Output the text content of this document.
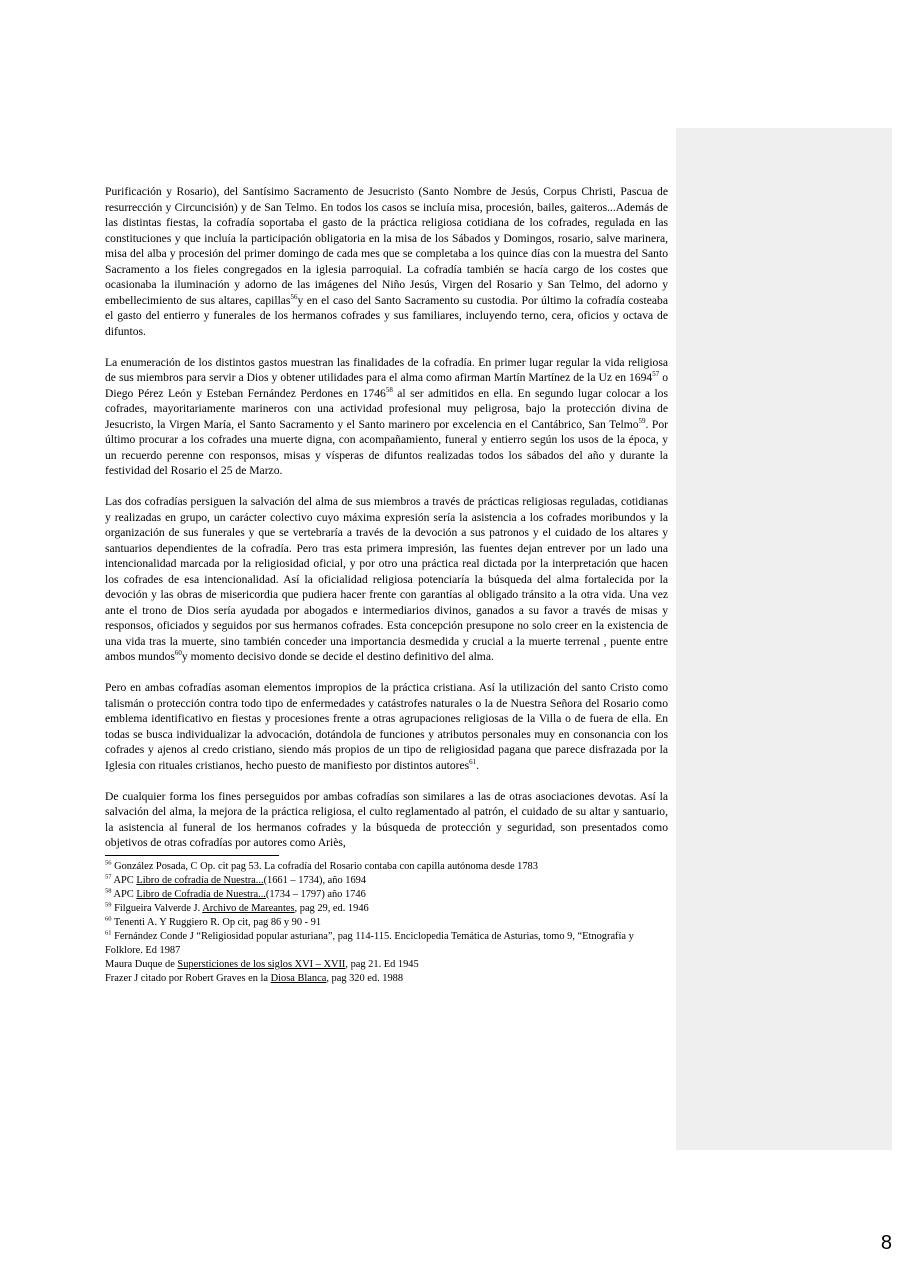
Purificación y Rosario), del Santísimo Sacramento de Jesucristo (Santo Nombre de Jesús, Corpus Christi, Pascua de resurrección y Circuncisión) y de San Telmo. En todos los casos se incluía misa, procesión, bailes, gaiteros...Además de las distintas fiestas, la cofradía soportaba el gasto de la práctica religiosa cotidiana de los cofrades, regulada en las constituciones y que incluía la participación obligatoria en la misa de los Sábados y Domingos, rosario, salve marinera, misa del alba y procesión del primer domingo de cada mes que se completaba a los quince días con la muestra del Santo Sacramento a los fieles congregados en la iglesia parroquial. La cofradía también se hacía cargo de los costes que ocasionaba la iluminación y adorno de las imágenes del Niño Jesús, Virgen del Rosario y San Telmo, del adorno y embellecimiento de sus altares, capillas$^{56}$y en el caso del Santo Sacramento su custodia. Por último la cofradía costeaba el gasto del entierro y funerales de los hermanos cofrades y sus familiares, incluyendo terno, cera, oficios y octava de difuntos.

La enumeración de los distintos gastos muestran las finalidades de la cofradía. En primer lugar regular la vida religiosa de sus miembros para servir a Dios y obtener utilidades para el alma como afirman Martín Martínez de la Uz en 1694$^{57}$ o Diego Pérez León y Esteban Fernández Perdones en 1746$^{58}$ al ser admitidos en ella. En segundo lugar colocar a los cofrades, mayoritariamente marineros con una actividad profesional muy peligrosa, bajo la protección divina de Jesucristo, la Virgen María, el Santo Sacramento y el Santo marinero por excelencia en el Cantábrico, San Telmo$^{59}$. Por último procurar a los cofrades una muerte digna, con acompañamiento, funeral y entierro según los usos de la época, y un recuerdo perenne con responsos, misas y vísperas de difuntos realizadas todos los sábados del año y durante la festividad del Rosario el 25 de Marzo.

Las dos cofradías persiguen la salvación del alma de sus miembros a través de prácticas religiosas reguladas, cotidianas y realizadas en grupo, un carácter colectivo cuyo máxima expresión sería la asistencia a los cofrades moribundos y la organización de sus funerales y que se vertebraría a través de la devoción a sus patronos y el cuidado de los altares y santuarios dependientes de la cofradía. Pero tras esta primera impresión, las fuentes dejan entrever por un lado una intencionalidad marcada por la religiosidad oficial, y por otro una práctica real dictada por la interpretación que hacen los cofrades de esa intencionalidad. Así la oficialidad religiosa potenciaría la búsqueda del alma fortalecida por la devoción y las obras de misericordia que pudiera hacer frente con garantías al obligado tránsito a la otra vida. Una vez ante el trono de Dios sería ayudada por abogados e intermediarios divinos, ganados a su favor a través de misas y responsos, oficiados y seguidos por sus hermanos cofrades. Esta concepción presupone no solo creer en la existencia de una vida tras la muerte, sino también conceder una importancia desmedida y crucial a la muerte terrenal , puente entre ambos mundos$^{60}$y momento decisivo donde se decide el destino definitivo del alma.

Pero en ambas cofradías asoman elementos impropios de la práctica cristiana. Así la utilización del santo Cristo como talismán o protección contra todo tipo de enfermedades y catástrofes naturales o la de Nuestra Señora del Rosario como emblema identificativo en fiestas y procesiones frente a otras agrupaciones religiosas de la Villa o de fuera de ella. En todas se busca individualizar la advocación, dotándola de funciones y atributos personales muy en consonancia con los cofrades y ajenos al credo cristiano, siendo más propios de un tipo de religiosidad pagana que parece disfrazada por la Iglesia con rituales cristianos, hecho puesto de manifiesto por distintos autores$^{61}$.

De cualquier forma los fines perseguidos por ambas cofradías son similares a las de otras asociaciones devotas. Así la salvación del alma, la mejora de la práctica religiosa, el culto reglamentado al patrón, el cuidado de su altar y santuario, la asistencia al funeral de los hermanos cofrades y la búsqueda de protección y seguridad, son presentados como objetivos de otras cofradías por autores como Ariès,

$^{56}$ González Posada, C Op. cit pag 53. La cofradía del Rosario contaba con capilla autónoma desde 1783
$^{57}$ APC Libro de cofradía de Nuestra...(1661 – 1734), año 1694
$^{58}$ APC Libro de Cofradía de Nuestra...(1734 – 1797) año 1746
$^{59}$ Filgueira Valverde J. Archivo de Mareantes, pag 29, ed. 1946
$^{60}$ Tenenti A. Y Ruggiero R. Op cit, pag 86 y 90 - 91
$^{61}$ Fernández Conde J “Religiosidad popular asturiana”, pag 114-115. Enciclopedia Temática de Asturias, tomo 9, “Etnografía y Folklore. Ed 1987
Maura Duque de Supersticiones de los siglos XVI – XVII, pag 21. Ed 1945
Frazer J citado por Robert Graves en la Diosa Blanca, pag 320 ed. 1988
8
